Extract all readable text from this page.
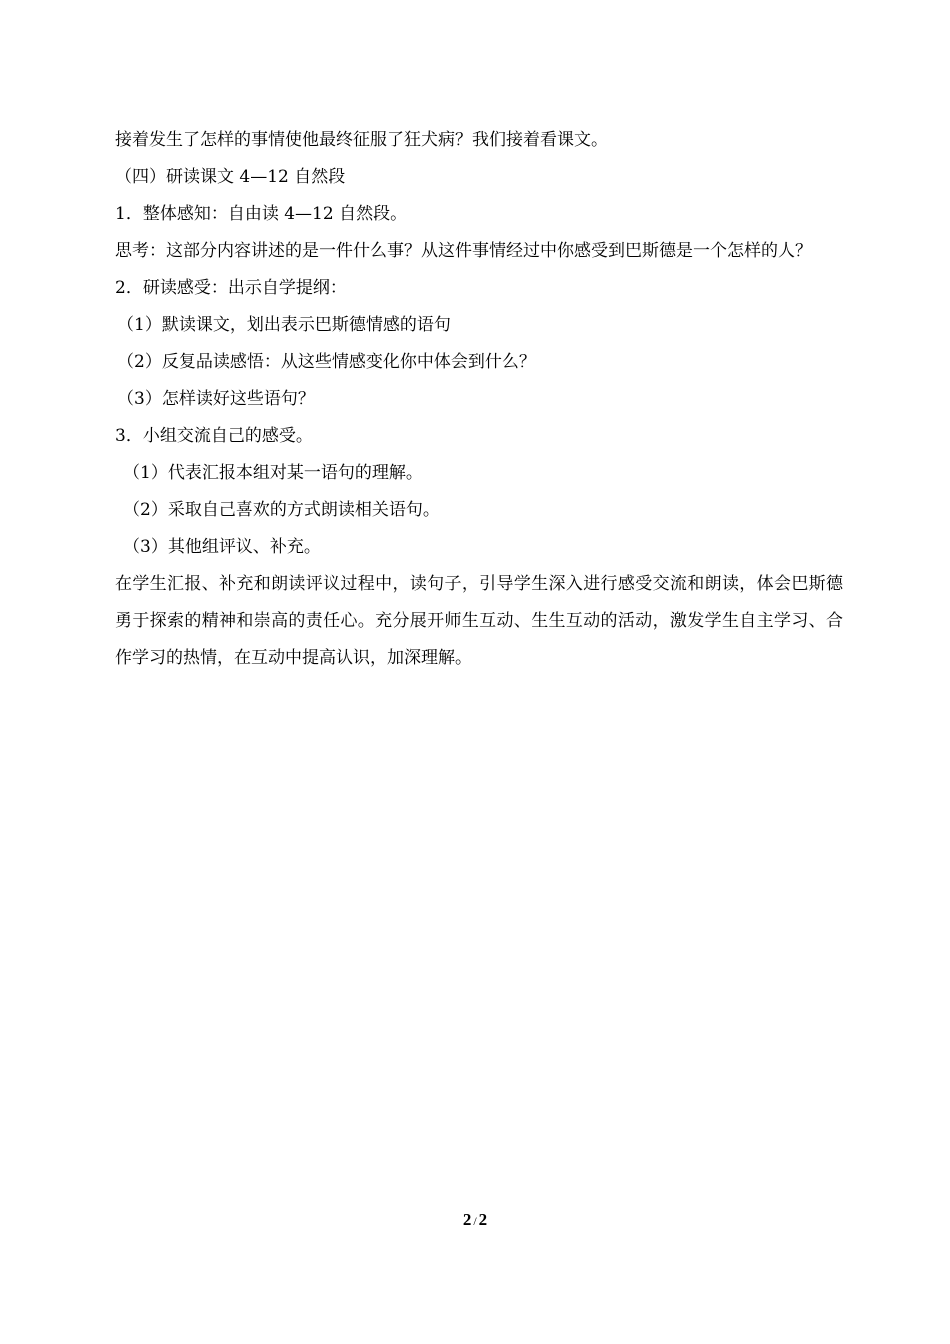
接着发生了怎样的事情使他最终征服了狂犬病？我们接着看课文。
（四）研读课文 4—12 自然段
1．整体感知：自由读 4—12 自然段。
思考：这部分内容讲述的是一件什么事？从这件事情经过中你感受到巴斯德是一个怎样的人？
2．研读感受：出示自学提纲：
（1）默读课文，划出表示巴斯德情感的语句
（2）反复品读感悟：从这些情感变化你中体会到什么？
（3）怎样读好这些语句？
3．小组交流自己的感受。
（1）代表汇报本组对某一语句的理解。
（2）采取自己喜欢的方式朗读相关语句。
（3）其他组评议、补充。
在学生汇报、补充和朗读评议过程中，读句子，引导学生深入进行感受交流和朗读，体会巴斯德勇于探索的精神和崇高的责任心。充分展开师生互动、生生互动的活动，激发学生自主学习、合作学习的热情，在互动中提高认识，加深理解。
2 / 2
